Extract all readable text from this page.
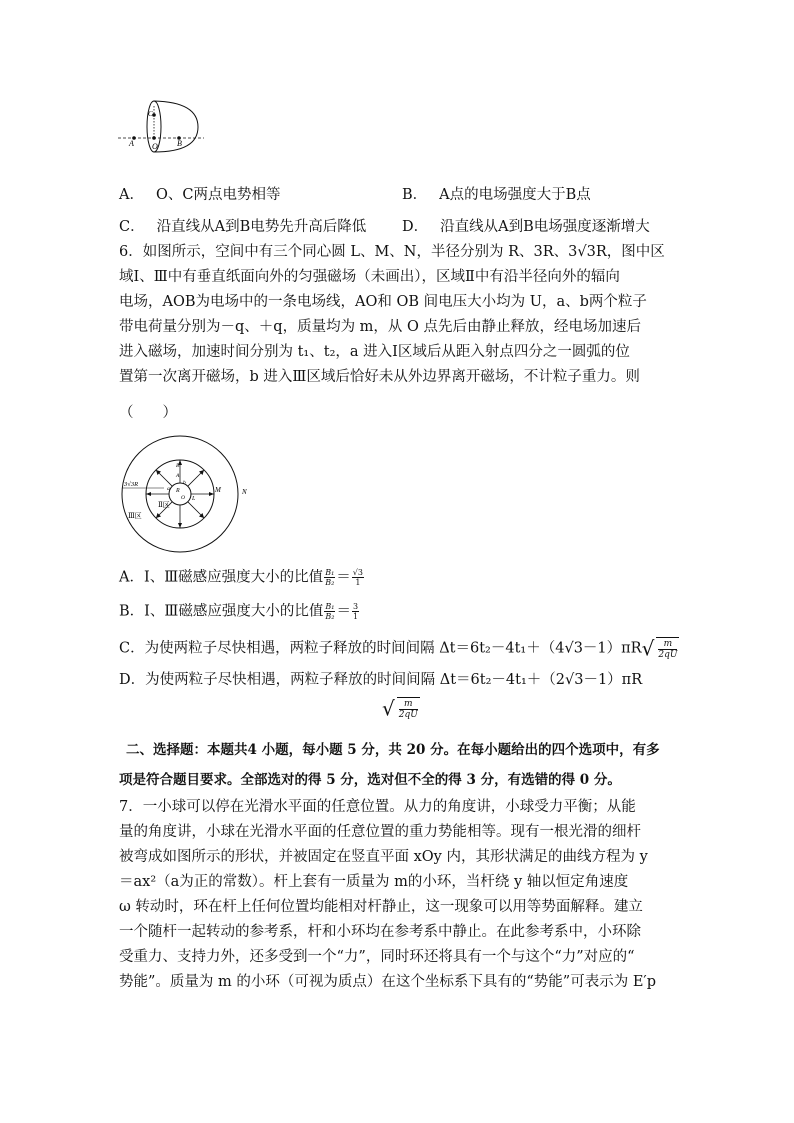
A O B
C
A． O、C两点电势相等	B． A点的电场强度大于B点
C． 沿直线从A到B电势先升高后降低 D． 沿直线从A到B电场强度逐渐增大
6．如图所示，空间中有三个同心圆 L、M、N，半径分别为 R、3R、3√3R，图中区
域Ⅰ、Ⅲ中有垂直纸面向外的匀强磁场（未画出），区域Ⅱ中有沿半径向外的辐向
电场，AOB为电场中的一条电场线，AO和 OB 间电压大小均为 U，a、b两个粒子
带电荷量分别为－q、＋q，质量均为 m，从 O 点先后由静止释放，经电场加速后
进入磁场，加速时间分别为 t₁、t₂，a 进入Ⅰ区域后从距入射点四分之一圆弧的位
置第一次离开磁场，b 进入Ⅲ区域后恰好未从外边界离开磁场，不计粒子重力。则
（　　）
N
M
L
Ⅲ区
Ⅱ区
3√3R
R
A
B
O
a
b
A．Ⅰ、Ⅲ磁感应强度大小的比值 $\frac{\text{B₁}}{\text{B₂}} = \frac{√3}{1}$
B．Ⅰ、Ⅲ磁感应强度大小的比值 $\frac{\text{B₁}}{\text{B₂}} = \frac{3}{1}$
C．为使两粒子尽快相遇，两粒子释放的时间间隔 $\Delta t=6t_2-4t_1+(4√3-1)\pi R√ \frac{m}{2qU}$
D．为使两粒子尽快相遇，两粒子释放的时间间隔 Δt＝6t₂－4t₁＋（2√3－1）πR
√ $\frac{m}{2qU}$
二、选择题：本题共4 小题，每小题 5 分，共 20 分。在每小题给出的四个选项中，有多
项是符合题目要求。全部选对的得 5 分，选对但不全的得 3 分，有选错的得 0 分。
7．一小球可以停在光滑水平面的任意位置。从力的角度讲，小球受力平衡；从能
量的角度讲，小球在光滑水平面的任意位置的重力势能相等。现有一根光滑的细杆
被弯成如图所示的形状，并被固定在竖直平面 xOy 内，其形状满足的曲线方程为 y
＝ax²（a为正的常数）。杆上套有一质量为 m的小环，当杆绕 y 轴以恒定角速度
ω 转动时，环在杆上任何位置均能相对杆静止，这一现象可以用等势面解释。建立
一个随杆一起转动的参考系，杆和小环均在参考系中静止。在此参考系中，小环除
受重力、支持力外，还多受到一个“力”，同时环还将具有一个与这个“力”对应的“
势能”。质量为 m 的小环（可视为质点）在这个坐标系下具有的“势能”可表示为 E′p
